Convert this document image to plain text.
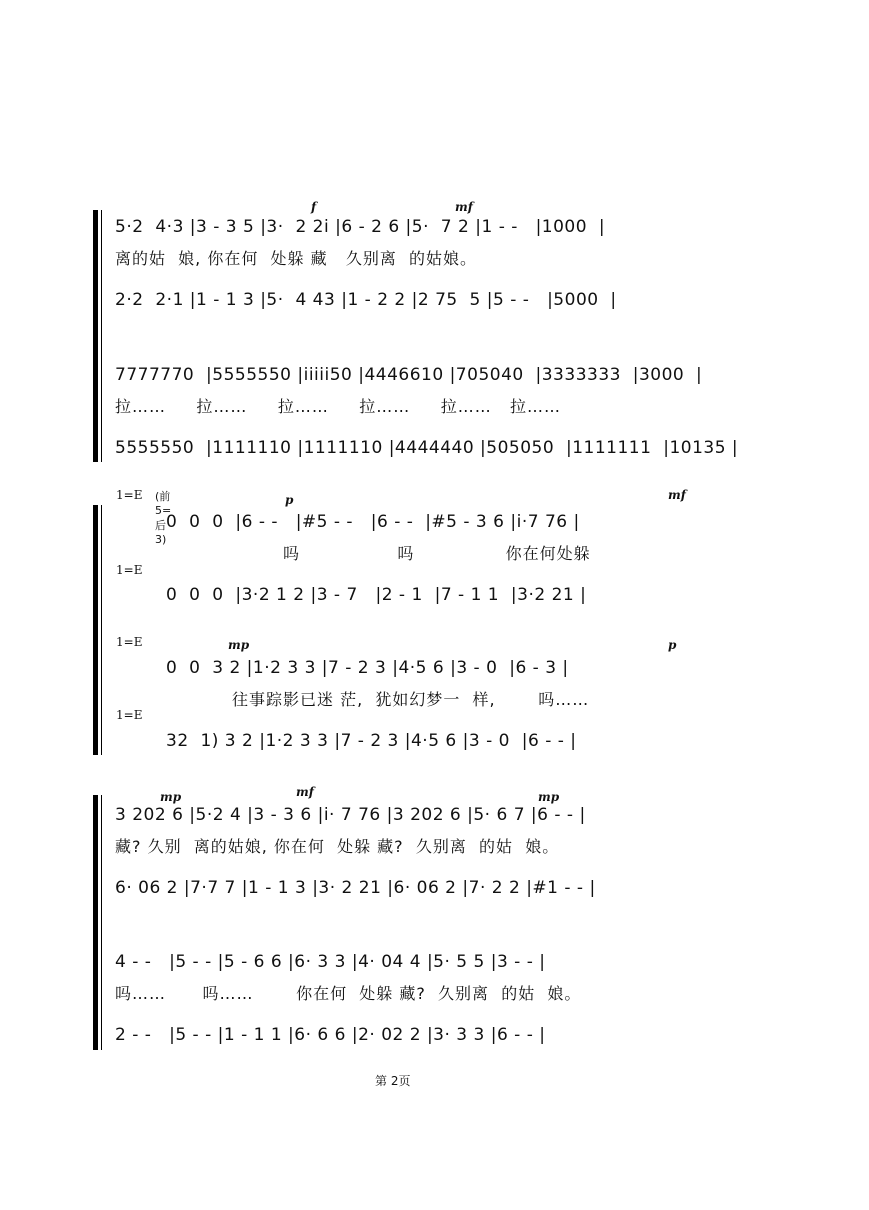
f	mf
5·2  4·3 |3 - 3 5 |3·  2 2i |6 - 2 6 |5·  7 2 |1 - -   |1000  |
离的姑  娘, 你在何  处躲 藏   久别离  的姑娘。
2·2  2·1 |1 - 1 3 |5·  4 43 |1 - 2 2 |2 75  5 |5 - -   |5000  |
7777770  |5555550 |iiiii50 |4446610 |705040  |3333333  |3000  |
拉……     拉……     拉……     拉……     拉……   拉……
5555550  |1111110 |1111110 |4444440 |505050  |1111111  |10135 |
1=E (前5=后3)
1=E
1=E
1=E
p	mf
mp	p
0  0  0  |6 - -   |#5 - -   |6 - -  |#5 - 3 6 |i·7 76 |
吗                吗               你在何处躲
0  0  0  |3·2 1 2 |3 - 7   |2 - 1  |7 - 1 1  |3·2 21 |
0  0  3 2 |1·2 3 3 |7 - 2 3 |4·5 6 |3 - 0  |6 - 3 |
往事踪影已迷 茫,  犹如幻梦一  样,       吗……
32  1) 3 2 |1·2 3 3 |7 - 2 3 |4·5 6 |3 - 0  |6 - - |
mp	mf	mp
3 202 6 |5·2 4 |3 - 3 6 |i· 7 76 |3 202 6 |5· 6 7 |6 - - |
藏? 久别  离的姑娘, 你在何  处躲 藏?  久别离  的姑  娘。
6· 06 2 |7·7 7 |1 - 1 3 |3· 2 21 |6· 06 2 |7· 2 2 |#1 - - |
4 - -   |5 - - |5 - 6 6 |6· 3 3 |4· 04 4 |5· 5 5 |3 - - |
吗……      吗……       你在何  处躲 藏?  久别离  的姑  娘。
2 - -   |5 - - |1 - 1 1 |6· 6 6 |2· 02 2 |3· 3 3 |6 - - |
第 2页
